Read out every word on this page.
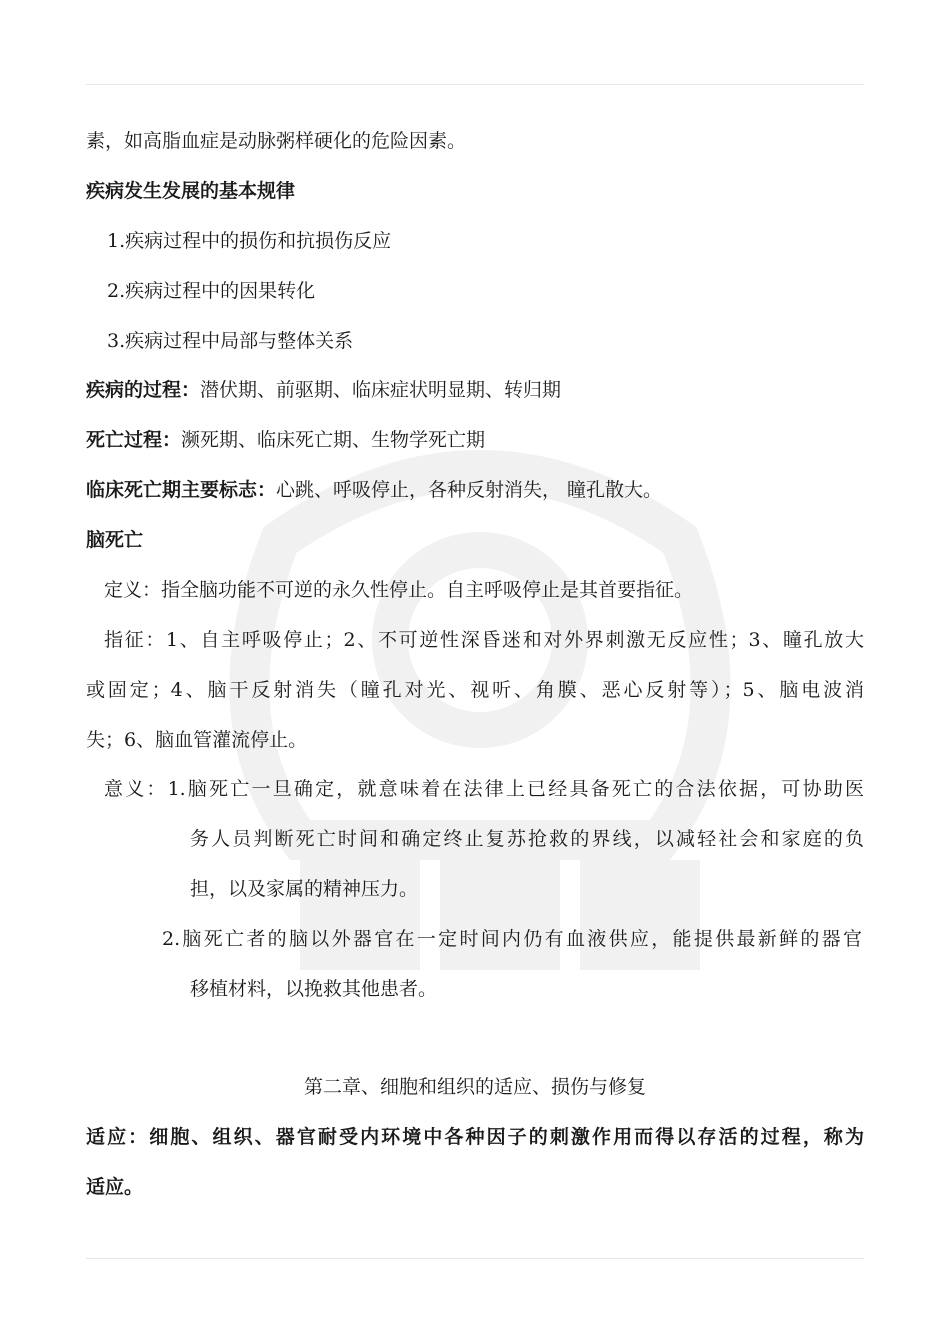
素，如高脂血症是动脉粥样硬化的危险因素。
疾病发生发展的基本规律
1.疾病过程中的损伤和抗损伤反应
2.疾病过程中的因果转化
3.疾病过程中局部与整体关系
疾病的过程：潜伏期、前驱期、临床症状明显期、转归期
死亡过程：濒死期、临床死亡期、生物学死亡期
临床死亡期主要标志：心跳、呼吸停止，各种反射消失， 瞳孔散大。
脑死亡
定义：指全脑功能不可逆的永久性停止。自主呼吸停止是其首要指征。
指征：1、自主呼吸停止；2、不可逆性深昏迷和对外界刺激无反应性；3、瞳孔放大
或固定；4、脑干反射消失（瞳孔对光、视听、角膜、恶心反射等）；5、脑电波消
失；6、脑血管灌流停止。
意义：1.脑死亡一旦确定，就意味着在法律上已经具备死亡的合法依据，可协助医
务人员判断死亡时间和确定终止复苏抢救的界线，以减轻社会和家庭的负
担，以及家属的精神压力。
2.脑死亡者的脑以外器官在一定时间内仍有血液供应，能提供最新鲜的器官
移植材料，以挽救其他患者。
第二章、细胞和组织的适应、损伤与修复
适应：细胞、组织、器官耐受内环境中各种因子的刺激作用而得以存活的过程，称为
适应。
